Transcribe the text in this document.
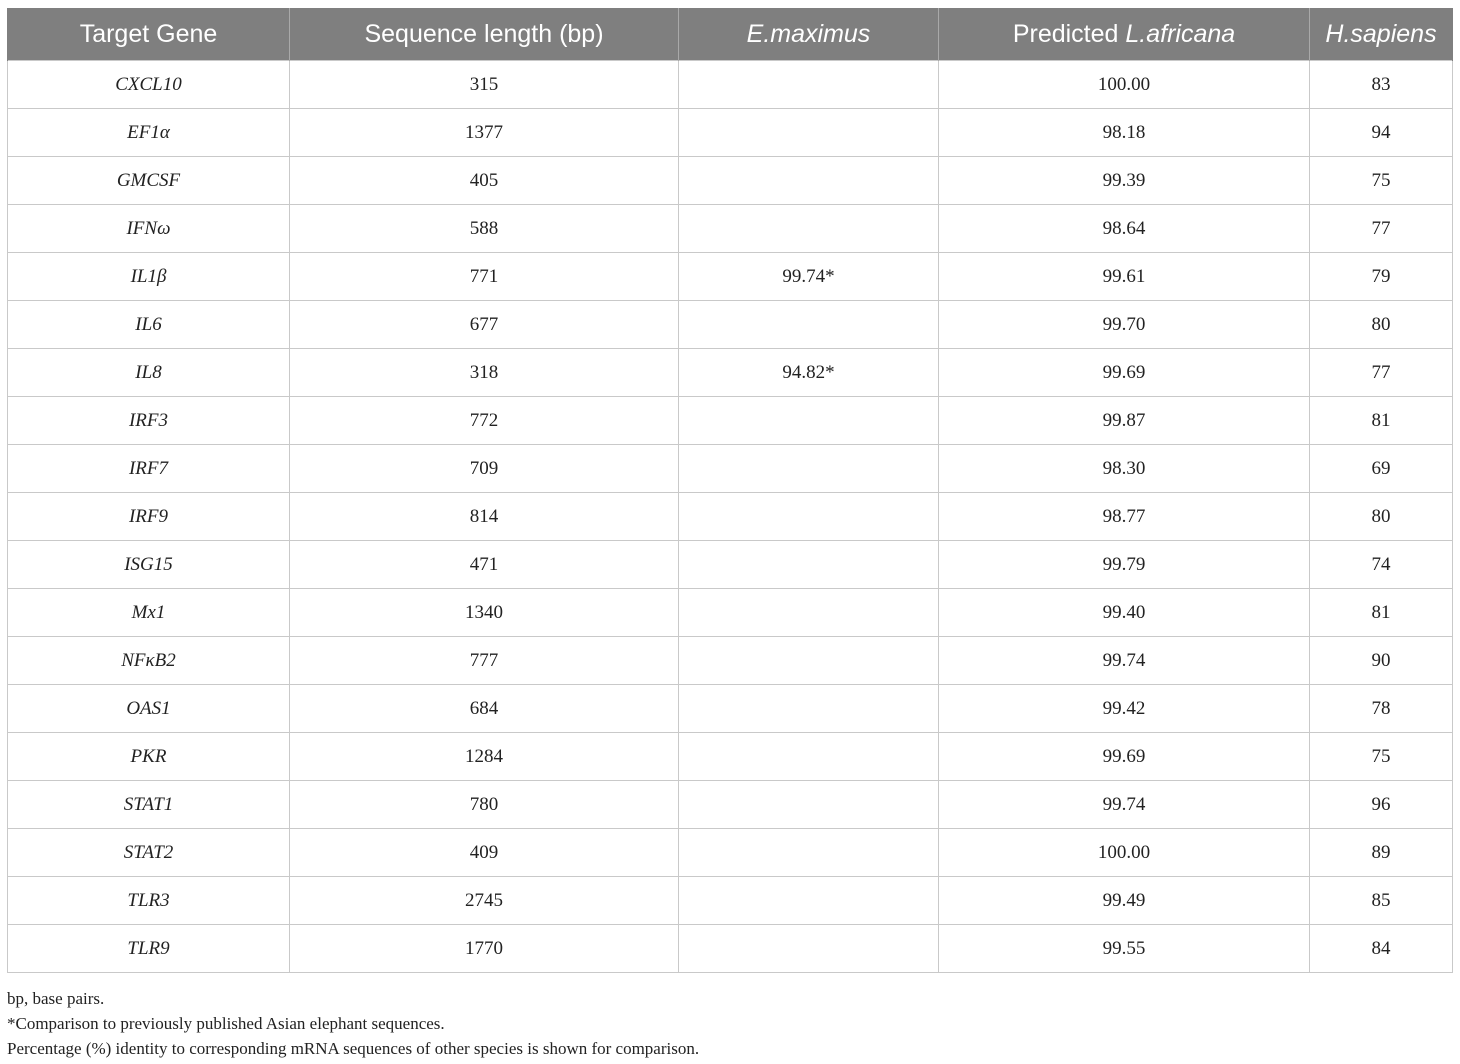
Target Gene	Sequence length (bp)	E.maximus	Predicted L.africana	H.sapiens
CXCL10	315		100.00	83
EF1α	1377		98.18	94
GMCSF	405		99.39	75
IFNω	588		98.64	77
IL1β	771	99.74*	99.61	79
IL6	677		99.70	80
IL8	318	94.82*	99.69	77
IRF3	772		99.87	81
IRF7	709		98.30	69
IRF9	814		98.77	80
ISG15	471		99.79	74
Mx1	1340		99.40	81
NFκB2	777		99.74	90
OAS1	684		99.42	78
PKR	1284		99.69	75
STAT1	780		99.74	96
STAT2	409		100.00	89
TLR3	2745		99.49	85
TLR9	1770		99.55	84
bp, base pairs.
*Comparison to previously published Asian elephant sequences.
Percentage (%) identity to corresponding mRNA sequences of other species is shown for comparison.
